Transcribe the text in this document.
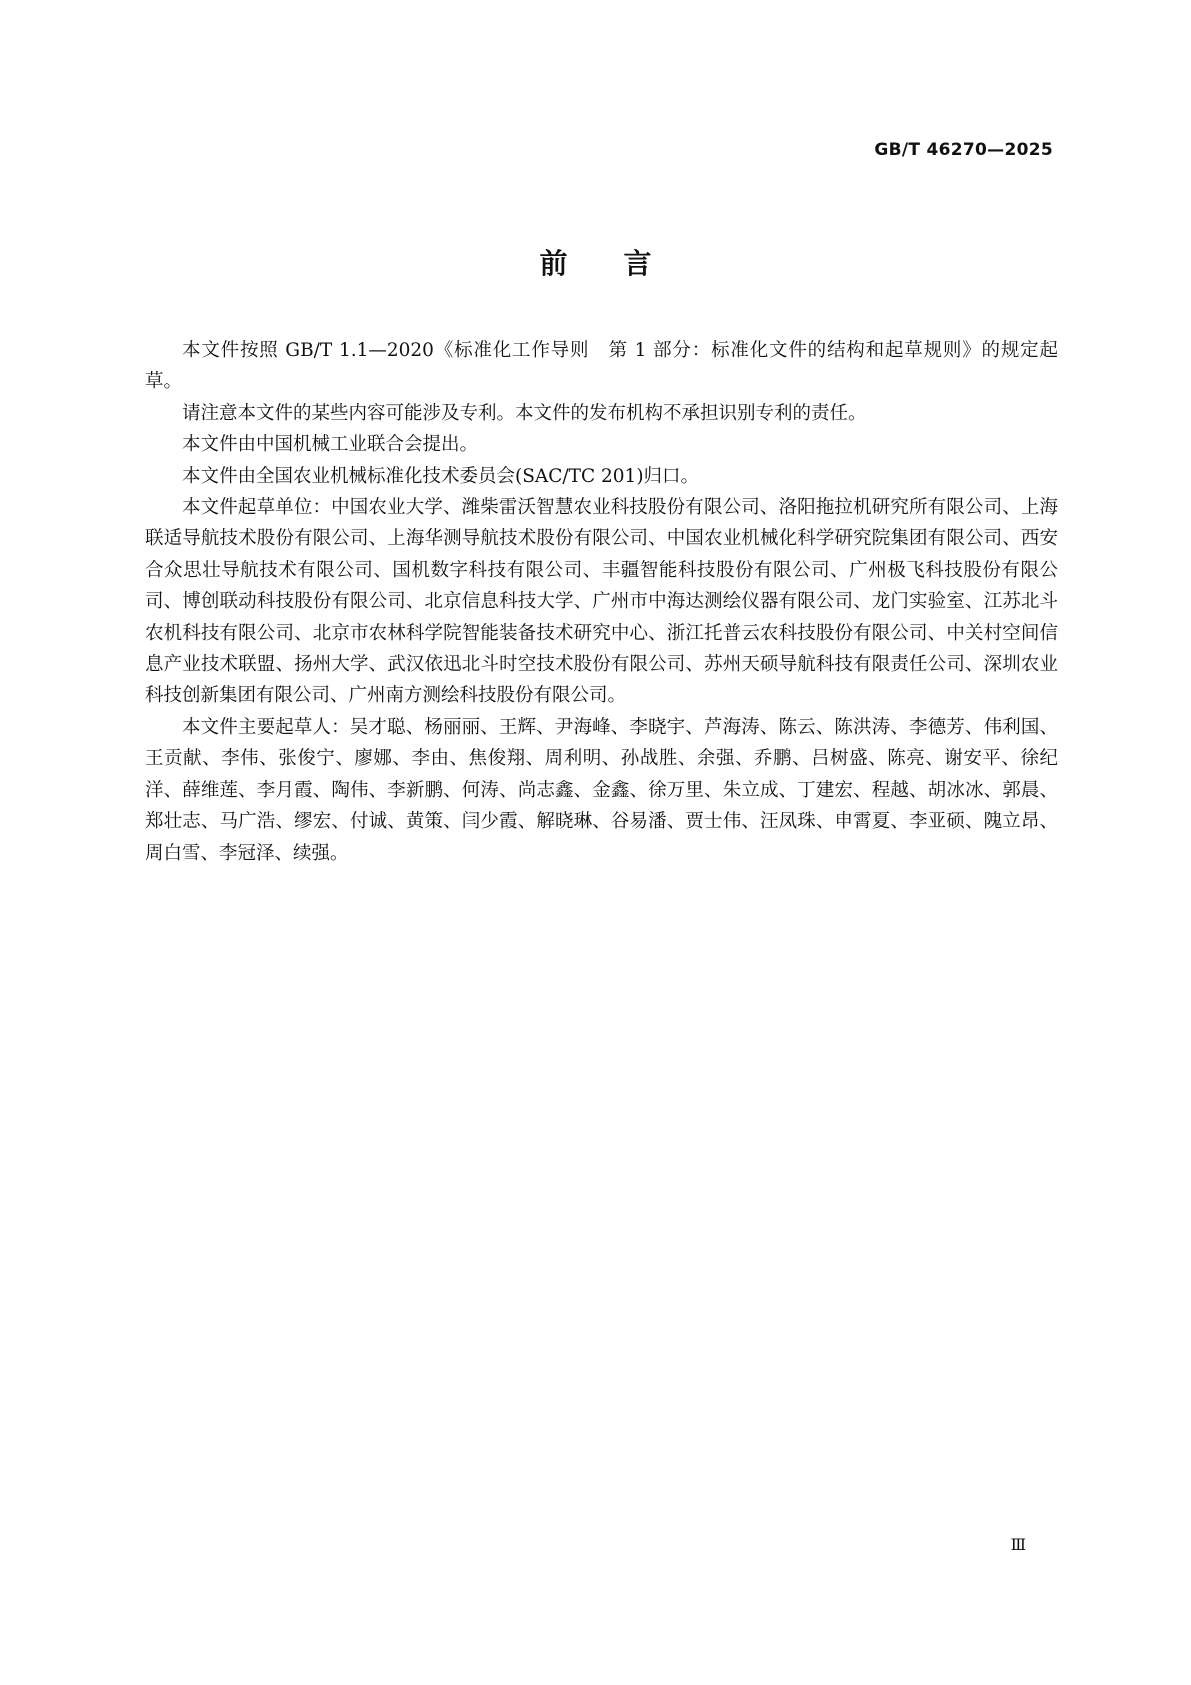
GB/T 46270—2025
前言

本文件按照 GB/T 1.1—2020《标准化工作导则　第 1 部分：标准化文件的结构和起草规则》的规定起草。

请注意本文件的某些内容可能涉及专利。本文件的发布机构不承担识别专利的责任。

本文件由中国机械工业联合会提出。

本文件由全国农业机械标准化技术委员会(SAC/TC 201)归口。

本文件起草单位：中国农业大学、潍柴雷沃智慧农业科技股份有限公司、洛阳拖拉机研究所有限公司、上海联适导航技术股份有限公司、上海华测导航技术股份有限公司、中国农业机械化科学研究院集团有限公司、西安合众思壮导航技术有限公司、国机数字科技有限公司、丰疆智能科技股份有限公司、广州极飞科技股份有限公司、博创联动科技股份有限公司、北京信息科技大学、广州市中海达测绘仪器有限公司、龙门实验室、江苏北斗农机科技有限公司、北京市农林科学院智能装备技术研究中心、浙江托普云农科技股份有限公司、中关村空间信息产业技术联盟、扬州大学、武汉依迅北斗时空技术股份有限公司、苏州天硕导航科技有限责任公司、深圳农业科技创新集团有限公司、广州南方测绘科技股份有限公司。

本文件主要起草人：吴才聪、杨丽丽、王辉、尹海峰、李晓宇、芦海涛、陈云、陈洪涛、李德芳、伟利国、王贡献、李伟、张俊宁、廖娜、李由、焦俊翔、周利明、孙战胜、余强、乔鹏、吕树盛、陈亮、谢安平、徐纪洋、薛维莲、李月霞、陶伟、李新鹏、何涛、尚志鑫、金鑫、徐万里、朱立成、丁建宏、程越、胡冰冰、郭晨、郑壮志、马广浩、缪宏、付诚、黄策、闫少霞、解晓琳、谷易潘、贾士伟、汪凤珠、申霄夏、李亚硕、隗立昂、周白雪、李冠泽、续强。

Ⅲ
